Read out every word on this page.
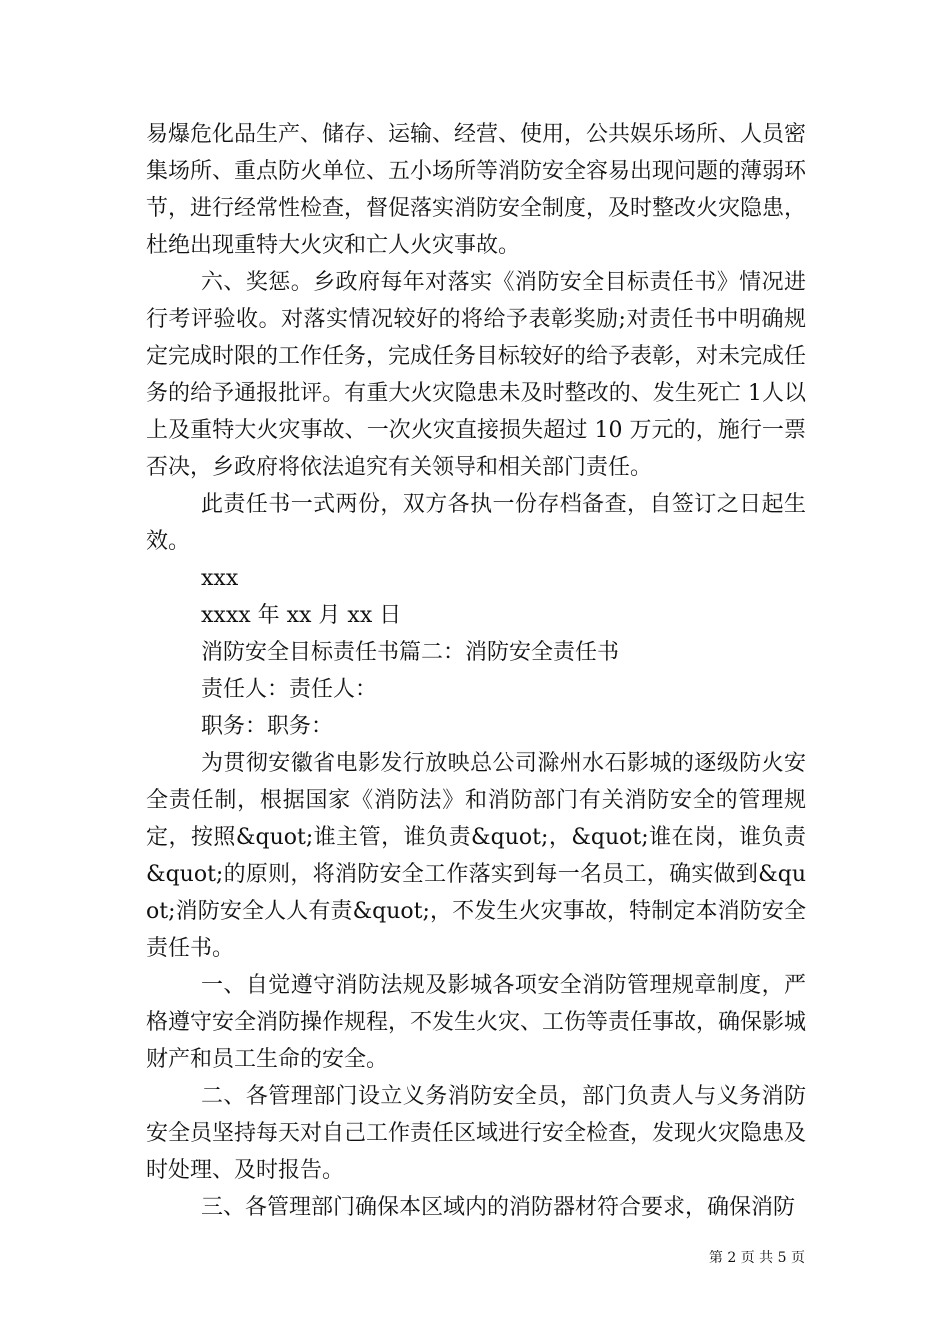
易爆危化品生产、储存、运输、经营、使用，公共娱乐场所、人员密集场所、重点防火单位、五小场所等消防安全容易出现问题的薄弱环节，进行经常性检查，督促落实消防安全制度，及时整改火灾隐患，杜绝出现重特大火灾和亡人火灾事故。

六、奖惩。乡政府每年对落实《消防安全目标责任书》情况进行考评验收。对落实情况较好的将给予表彰奖励;对责任书中明确规定完成时限的工作任务，完成任务目标较好的给予表彰，对未完成任务的给予通报批评。有重大火灾隐患未及时整改的、发生死亡 1人以上及重特大火灾事故、一次火灾直接损失超过 10 万元的，施行一票否决，乡政府将依法追究有关领导和相关部门责任。

此责任书一式两份，双方各执一份存档备查，自签订之日起生效。

xxx

xxxx 年 xx 月 xx 日

消防安全目标责任书篇二：消防安全责任书

责任人：责任人：

职务：职务：

为贯彻安徽省电影发行放映总公司滁州水石影城的逐级防火安全责任制，根据国家《消防法》和消防部门有关消防安全的管理规定，按照&quot;谁主管，谁负责&quot;，&quot;谁在岗，谁负责&quot;的原则，将消防安全工作落实到每一名员工，确实做到&quot;消防安全人人有责&quot;，不发生火灾事故，特制定本消防安全责任书。

一、自觉遵守消防法规及影城各项安全消防管理规章制度，严格遵守安全消防操作规程，不发生火灾、工伤等责任事故，确保影城财产和员工生命的安全。

二、各管理部门设立义务消防安全员，部门负责人与义务消防安全员坚持每天对自己工作责任区域进行安全检查，发现火灾隐患及时处理、及时报告。

三、各管理部门确保本区域内的消防器材符合要求，确保消防

第 2 页 共 5 页
